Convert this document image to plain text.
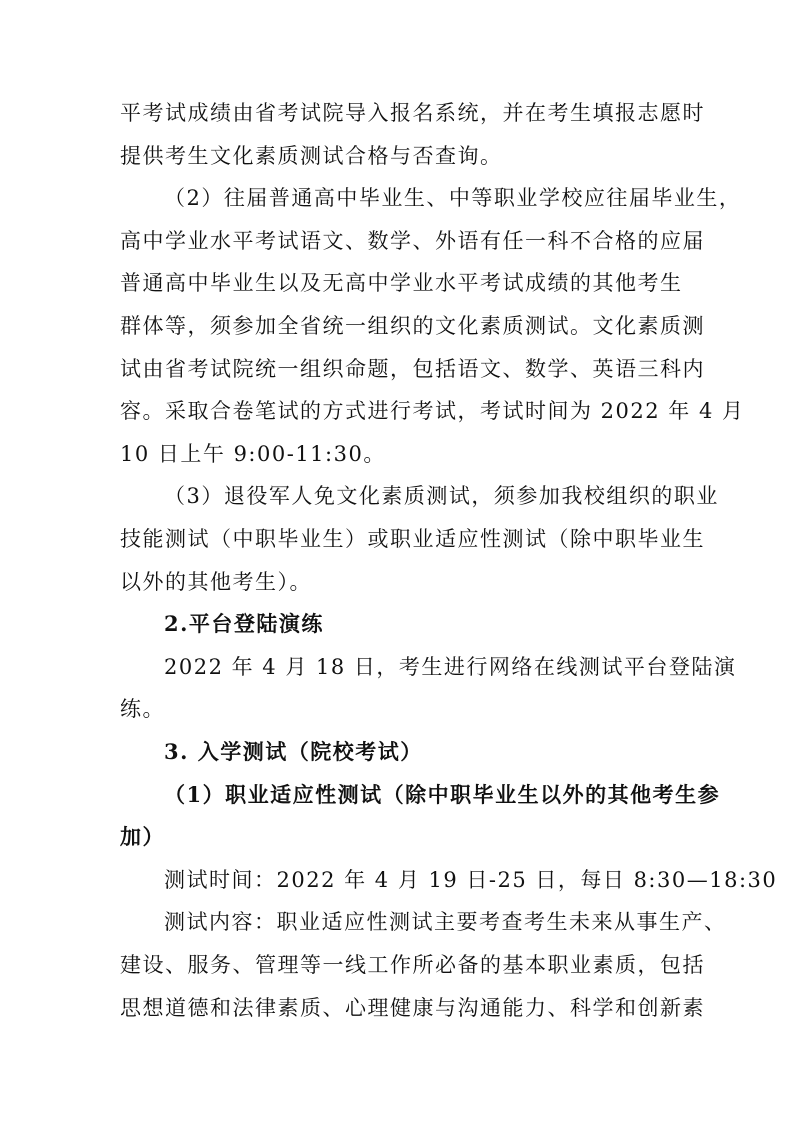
平考试成绩由省考试院导入报名系统，并在考生填报志愿时
提供考生文化素质测试合格与否查询。
（2）往届普通高中毕业生、中等职业学校应往届毕业生，
高中学业水平考试语文、数学、外语有任一科不合格的应届
普通高中毕业生以及无高中学业水平考试成绩的其他考生
群体等，须参加全省统一组织的文化素质测试。文化素质测
试由省考试院统一组织命题，包括语文、数学、英语三科内
容。采取合卷笔试的方式进行考试，考试时间为 2022 年 4 月
10 日上午 9:00-11:30。
（3）退役军人免文化素质测试，须参加我校组织的职业
技能测试（中职毕业生）或职业适应性测试（除中职毕业生
以外的其他考生）。
2.平台登陆演练
2022 年 4 月 18 日，考生进行网络在线测试平台登陆演
练。
3. 入学测试（院校考试）
（1）职业适应性测试（除中职毕业生以外的其他考生参
加）
测试时间：2022 年 4 月 19 日-25 日，每日 8:30—18:30
测试内容：职业适应性测试主要考查考生未来从事生产、
建设、服务、管理等一线工作所必备的基本职业素质，包括
思想道德和法律素质、心理健康与沟通能力、科学和创新素
